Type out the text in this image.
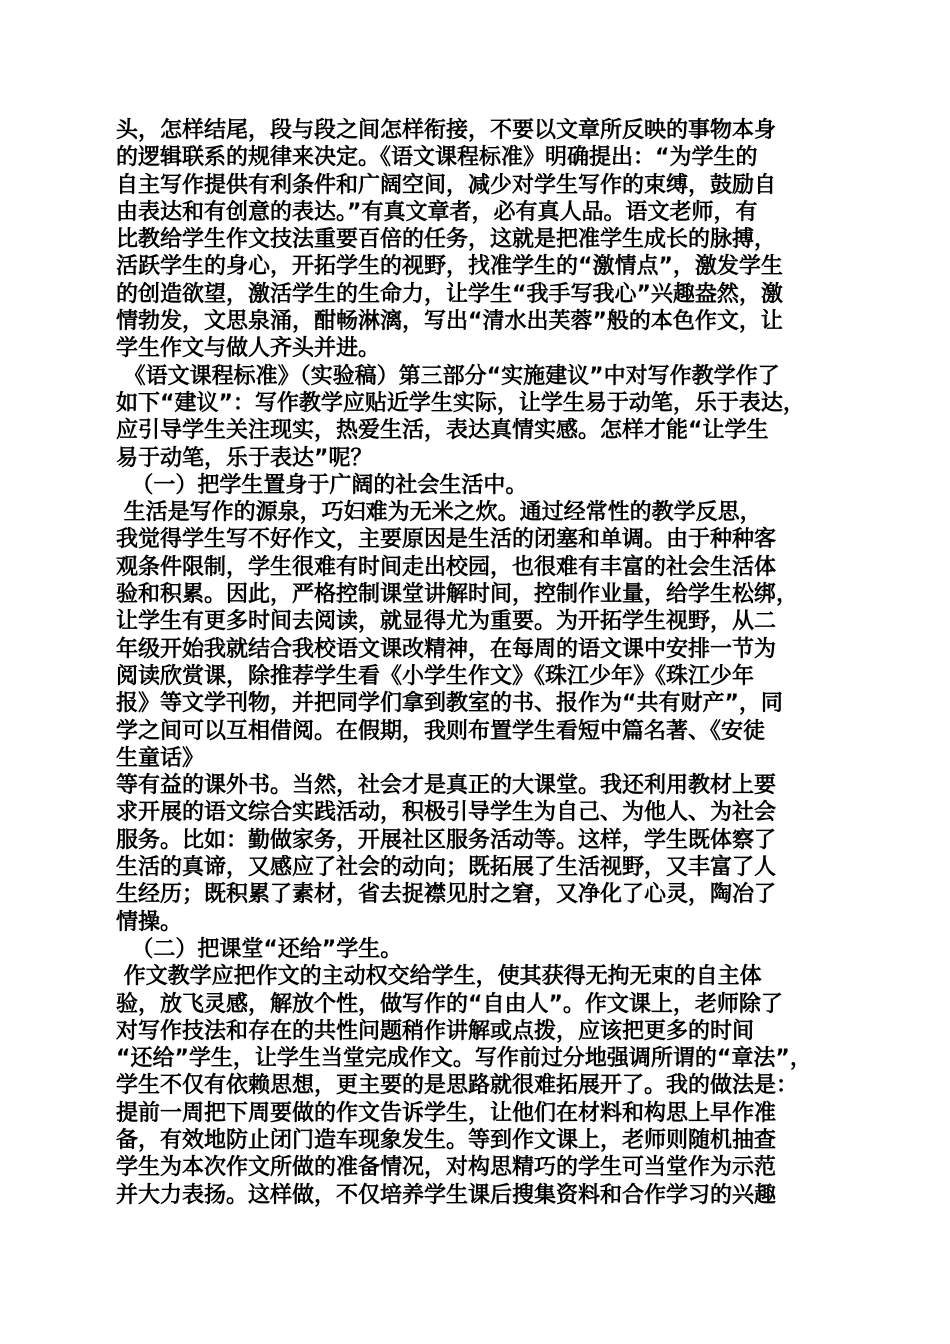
头，怎样结尾，段与段之间怎样衔接，不要以文章所反映的事物本身
的逻辑联系的规律来决定。《语文课程标准》明确提出：“为学生的
自主写作提供有利条件和广阔空间，减少对学生写作的束缚，鼓励自
由表达和有创意的表达。”有真文章者，必有真人品。语文老师，有
比教给学生作文技法重要百倍的任务，这就是把准学生成长的脉搏，
活跃学生的身心，开拓学生的视野，找准学生的“激情点”，激发学生
的创造欲望，激活学生的生命力，让学生“我手写我心”兴趣盎然，激
情勃发，文思泉涌，酣畅淋漓，写出“清水出芙蓉”般的本色作文，让
学生作文与做人齐头并进。
《语文课程标准》（实验稿）第三部分“实施建议”中对写作教学作了
如下“建议”：写作教学应贴近学生实际，让学生易于动笔，乐于表达，
应引导学生关注现实，热爱生活，表达真情实感。怎样才能“让学生
易于动笔，乐于表达”呢？
（一）把学生置身于广阔的社会生活中。
生活是写作的源泉，巧妇难为无米之炊。通过经常性的教学反思，
我觉得学生写不好作文，主要原因是生活的闭塞和单调。由于种种客
观条件限制，学生很难有时间走出校园，也很难有丰富的社会生活体
验和积累。因此，严格控制课堂讲解时间，控制作业量，给学生松绑，
让学生有更多时间去阅读，就显得尤为重要。为开拓学生视野，从二
年级开始我就结合我校语文课改精神，在每周的语文课中安排一节为
阅读欣赏课，除推荐学生看《小学生作文》《珠江少年》《珠江少年
报》等文学刊物，并把同学们拿到教室的书、报作为“共有财产”，同
学之间可以互相借阅。在假期，我则布置学生看短中篇名著、《安徒
生童话》
等有益的课外书。当然，社会才是真正的大课堂。我还利用教材上要
求开展的语文综合实践活动，积极引导学生为自己、为他人、为社会
服务。比如：勤做家务，开展社区服务活动等。这样，学生既体察了
生活的真谛，又感应了社会的动向；既拓展了生活视野，又丰富了人
生经历；既积累了素材，省去捉襟见肘之窘，又净化了心灵，陶冶了
情操。
（二）把课堂“还给”学生。
作文教学应把作文的主动权交给学生，使其获得无拘无束的自主体
验，放飞灵感，解放个性，做写作的“自由人”。作文课上，老师除了
对写作技法和存在的共性问题稍作讲解或点拨，应该把更多的时间
“还给”学生，让学生当堂完成作文。写作前过分地强调所谓的“章法”，
学生不仅有依赖思想，更主要的是思路就很难拓展开了。我的做法是：
提前一周把下周要做的作文告诉学生，让他们在材料和构思上早作准
备，有效地防止闭门造车现象发生。等到作文课上，老师则随机抽查
学生为本次作文所做的准备情况，对构思精巧的学生可当堂作为示范
并大力表扬。这样做，不仅培养学生课后搜集资料和合作学习的兴趣
